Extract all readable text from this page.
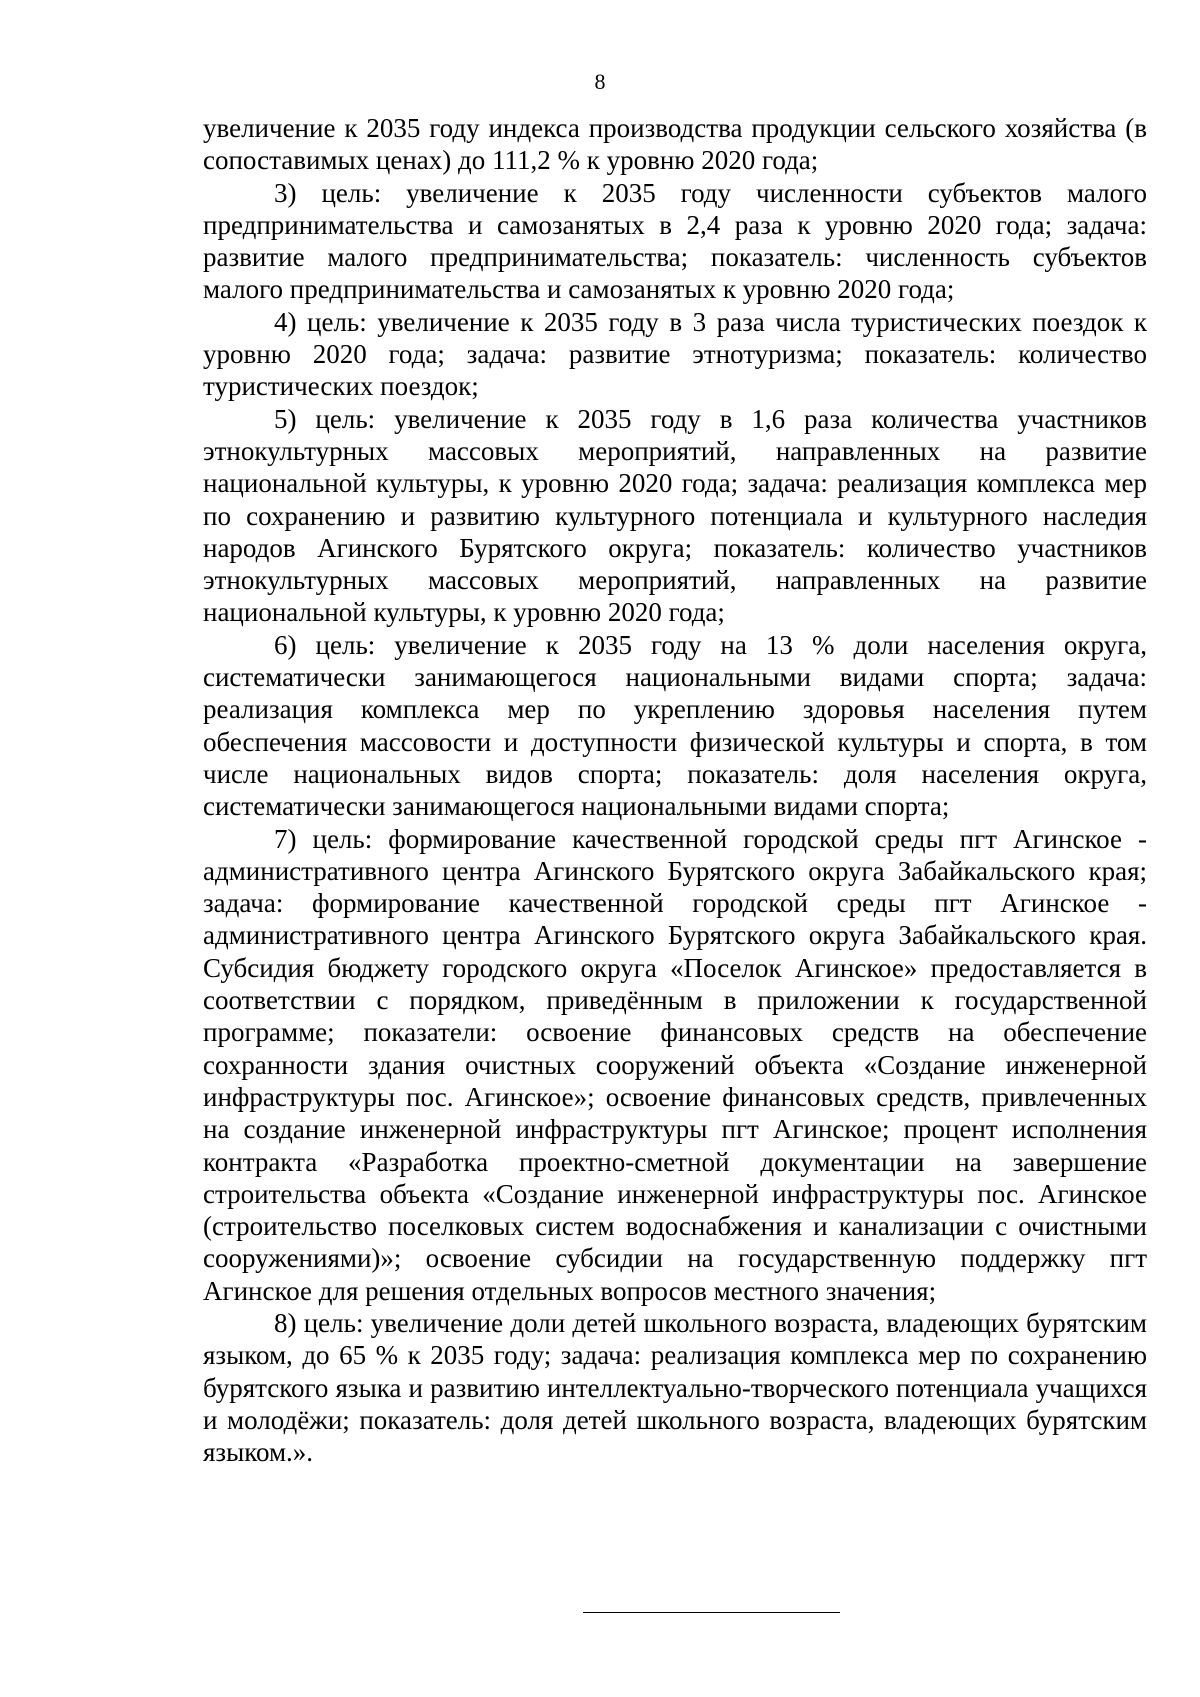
8

увеличение к 2035 году индекса производства продукции сельского хозяйства (в сопоставимых ценах) до 111,2 % к уровню 2020 года;

3) цель: увеличение к 2035 году численности субъектов малого предпринимательства и самозанятых в 2,4 раза к уровню 2020 года; задача: развитие малого предпринимательства; показатель: численность субъектов малого предпринимательства и самозанятых к уровню 2020 года;

4) цель: увеличение к 2035 году в 3 раза числа туристических поездок к уровню 2020 года; задача: развитие этнотуризма; показатель: количество туристических поездок;

5) цель: увеличение к 2035 году в 1,6 раза количества участников этнокультурных массовых мероприятий, направленных на развитие национальной культуры, к уровню 2020 года; задача: реализация комплекса мер по сохранению и развитию культурного потенциала и культурного наследия народов Агинского Бурятского округа; показатель: количество участников этнокультурных массовых мероприятий, направленных на развитие национальной культуры, к уровню 2020 года;

6) цель: увеличение к 2035 году на 13 % доли населения округа, систематически занимающегося национальными видами спорта; задача: реализация комплекса мер по укреплению здоровья населения путем обеспечения массовости и доступности физической культуры и спорта, в том числе национальных видов спорта; показатель: доля населения округа, систематически занимающегося национальными видами спорта;

7) цель: формирование качественной городской среды пгт Агинское - административного центра Агинского Бурятского округа Забайкальского края; задача: формирование качественной городской среды пгт Агинское - административного центра Агинского Бурятского округа Забайкальского края. Субсидия бюджету городского округа «Поселок Агинское» предоставляется в соответствии с порядком, приведённым в приложении к государственной программе; показатели: освоение финансовых средств на обеспечение сохранности здания очистных сооружений объекта «Создание инженерной инфраструктуры пос. Агинское»; освоение финансовых средств, привлеченных на создание инженерной инфраструктуры пгт Агинское; процент исполнения контракта «Разработка проектно-сметной документации на завершение строительства объекта «Создание инженерной инфраструктуры пос. Агинское (строительство поселковых систем водоснабжения и канализации с очистными сооружениями)»; освоение субсидии на государственную поддержку пгт Агинское для решения отдельных вопросов местного значения;

8) цель: увеличение доли детей школьного возраста, владеющих бурятским языком, до 65 % к 2035 году; задача: реализация комплекса мер по сохранению бурятского языка и развитию интеллектуально-творческого потенциала учащихся и молодёжи; показатель: доля детей школьного возраста, владеющих бурятским языком.».
